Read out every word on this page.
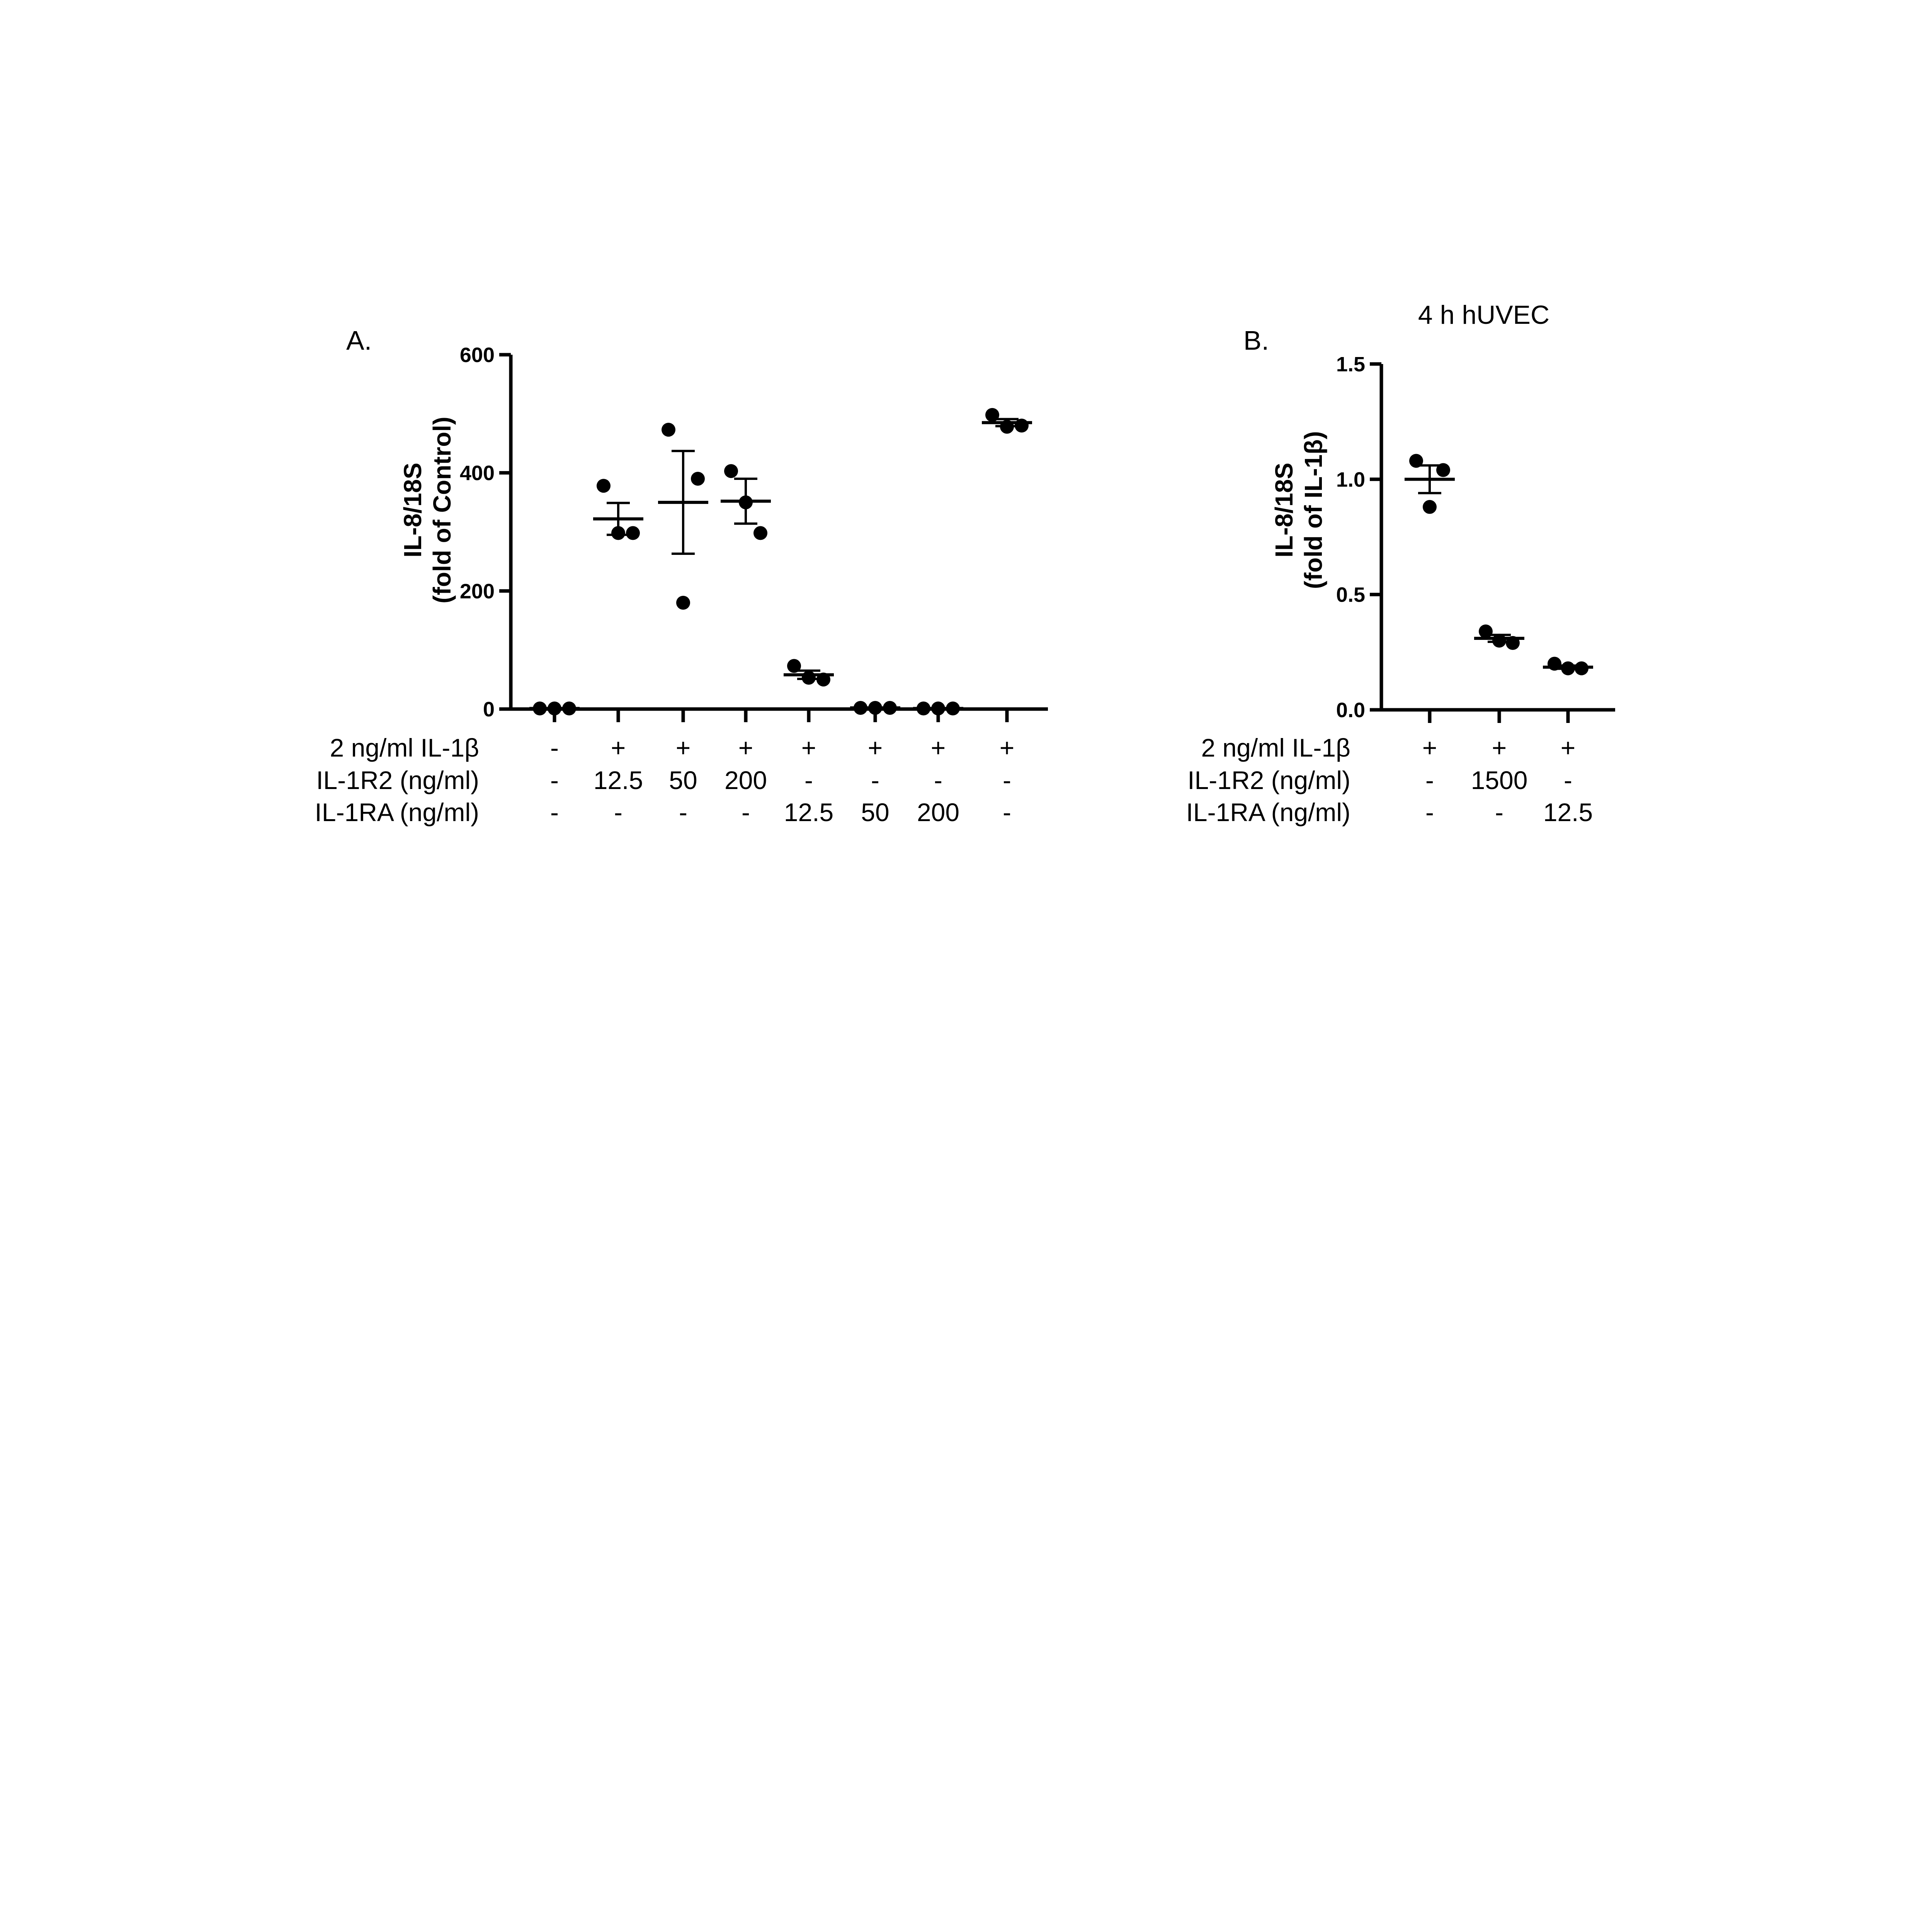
A.
0
200
400
600
IL-8/18S(fold of Control)
2 ng/ml IL-1β	- + + + + + + +
IL-1R2 (ng/ml)	- 12.5 50 200 - - - -
IL-1RA (ng/ml)	- - - - 12.5 50 200 -
B.
4 h hUVEC
0.0
0.5
1.0
1.5
IL-8/18S(fold of IL-1β)
2 ng/ml IL-1β	+ + +
IL-1R2 (ng/ml)	- 1500 -
IL-1RA (ng/ml)	- - 12.5
